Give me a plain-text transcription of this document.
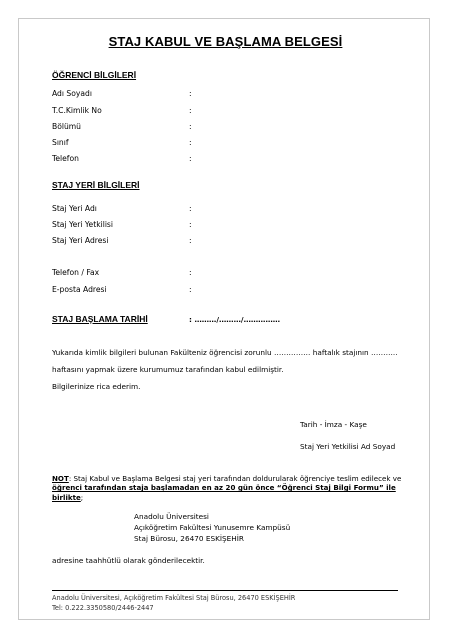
STAJ KABUL VE BAŞLAMA BELGESİ
ÖĞRENCİ BİLGİLERİ
Adı Soyadı	:
T.C.Kimlik No	:
Bölümü	:
Sınıf	:
Telefon	:
STAJ YERİ BİLGİLERİ
Staj Yeri Adı	:
Staj Yeri Yetkilisi	:
Staj Yeri Adresi	:
Telefon / Fax	:
E-posta Adresi	:
STAJ BAŞLAMA TARİHİ	: ………/………/……………
Yukarıda kimlik bilgileri bulunan Fakülteniz öğrencisi zorunlu …………… haftalık stajının ………..
haftasını yapmak üzere kurumumuz tarafından kabul edilmiştir.
Bilgilerinize rica ederim.
Tarih - İmza - Kaşe
Staj Yeri Yetkilisi Ad Soyad
NOT: Staj Kabul ve Başlama Belgesi staj yeri tarafından doldurularak öğrenciye teslim edilecek ve öğrenci tarafından staja başlamadan en az 20 gün önce “Öğrenci Staj Bilgi Formu” ile birlikte;
Anadolu Üniversitesi
Açıköğretim Fakültesi Yunusemre Kampüsü
Staj Bürosu, 26470 ESKİŞEHİR
adresine taahhütlü olarak gönderilecektir.
Anadolu Üniversitesi, Açıköğretim Fakültesi Staj Bürosu, 26470 ESKİŞEHİR
Tel: 0.222.3350580/2446-2447
